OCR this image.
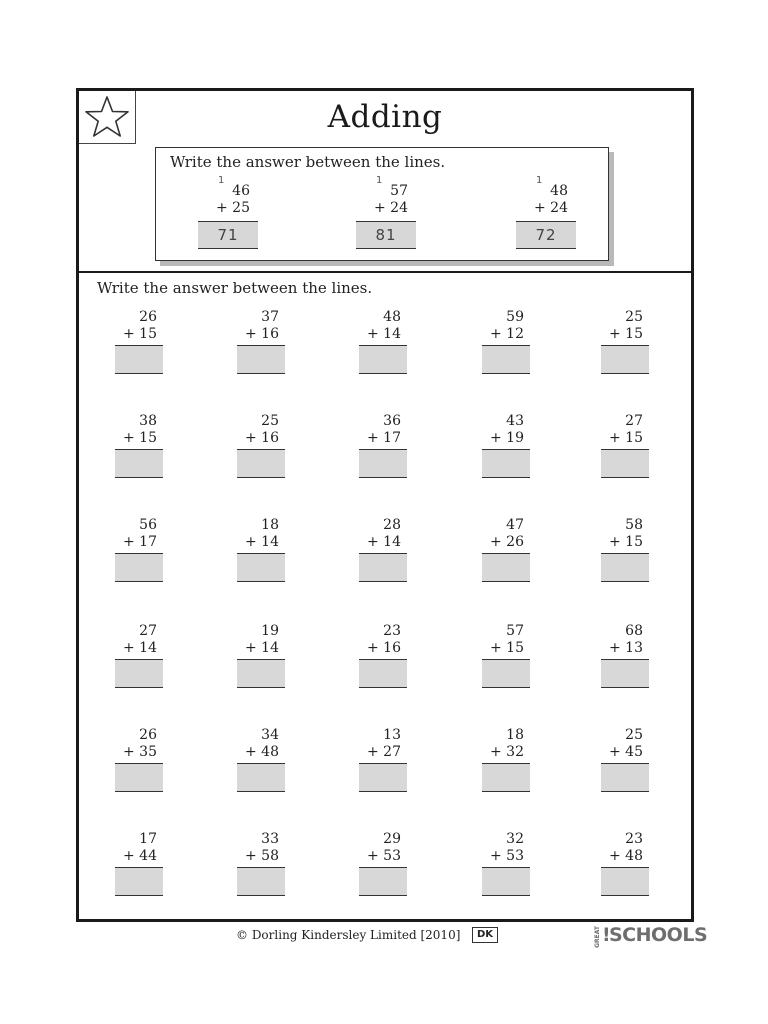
Adding
Write the answer between the lines.
1
46
+ 25
71
1
57
+ 24
81
1
48
+ 24
72
Write the answer between the lines.
26
+ 15
37
+ 16
48
+ 14
59
+ 12
25
+ 15
38
+ 15
25
+ 16
36
+ 17
43
+ 19
27
+ 15
56
+ 17
18
+ 14
28
+ 14
47
+ 26
58
+ 15
27
+ 14
19
+ 14
23
+ 16
57
+ 15
68
+ 13
26
+ 35
34
+ 48
13
+ 27
18
+ 32
25
+ 45
17
+ 44
33
+ 58
29
+ 53
32
+ 53
23
+ 48
© Dorling Kindersley Limited [2010]	DK	GREAT !
SCHOOLS
